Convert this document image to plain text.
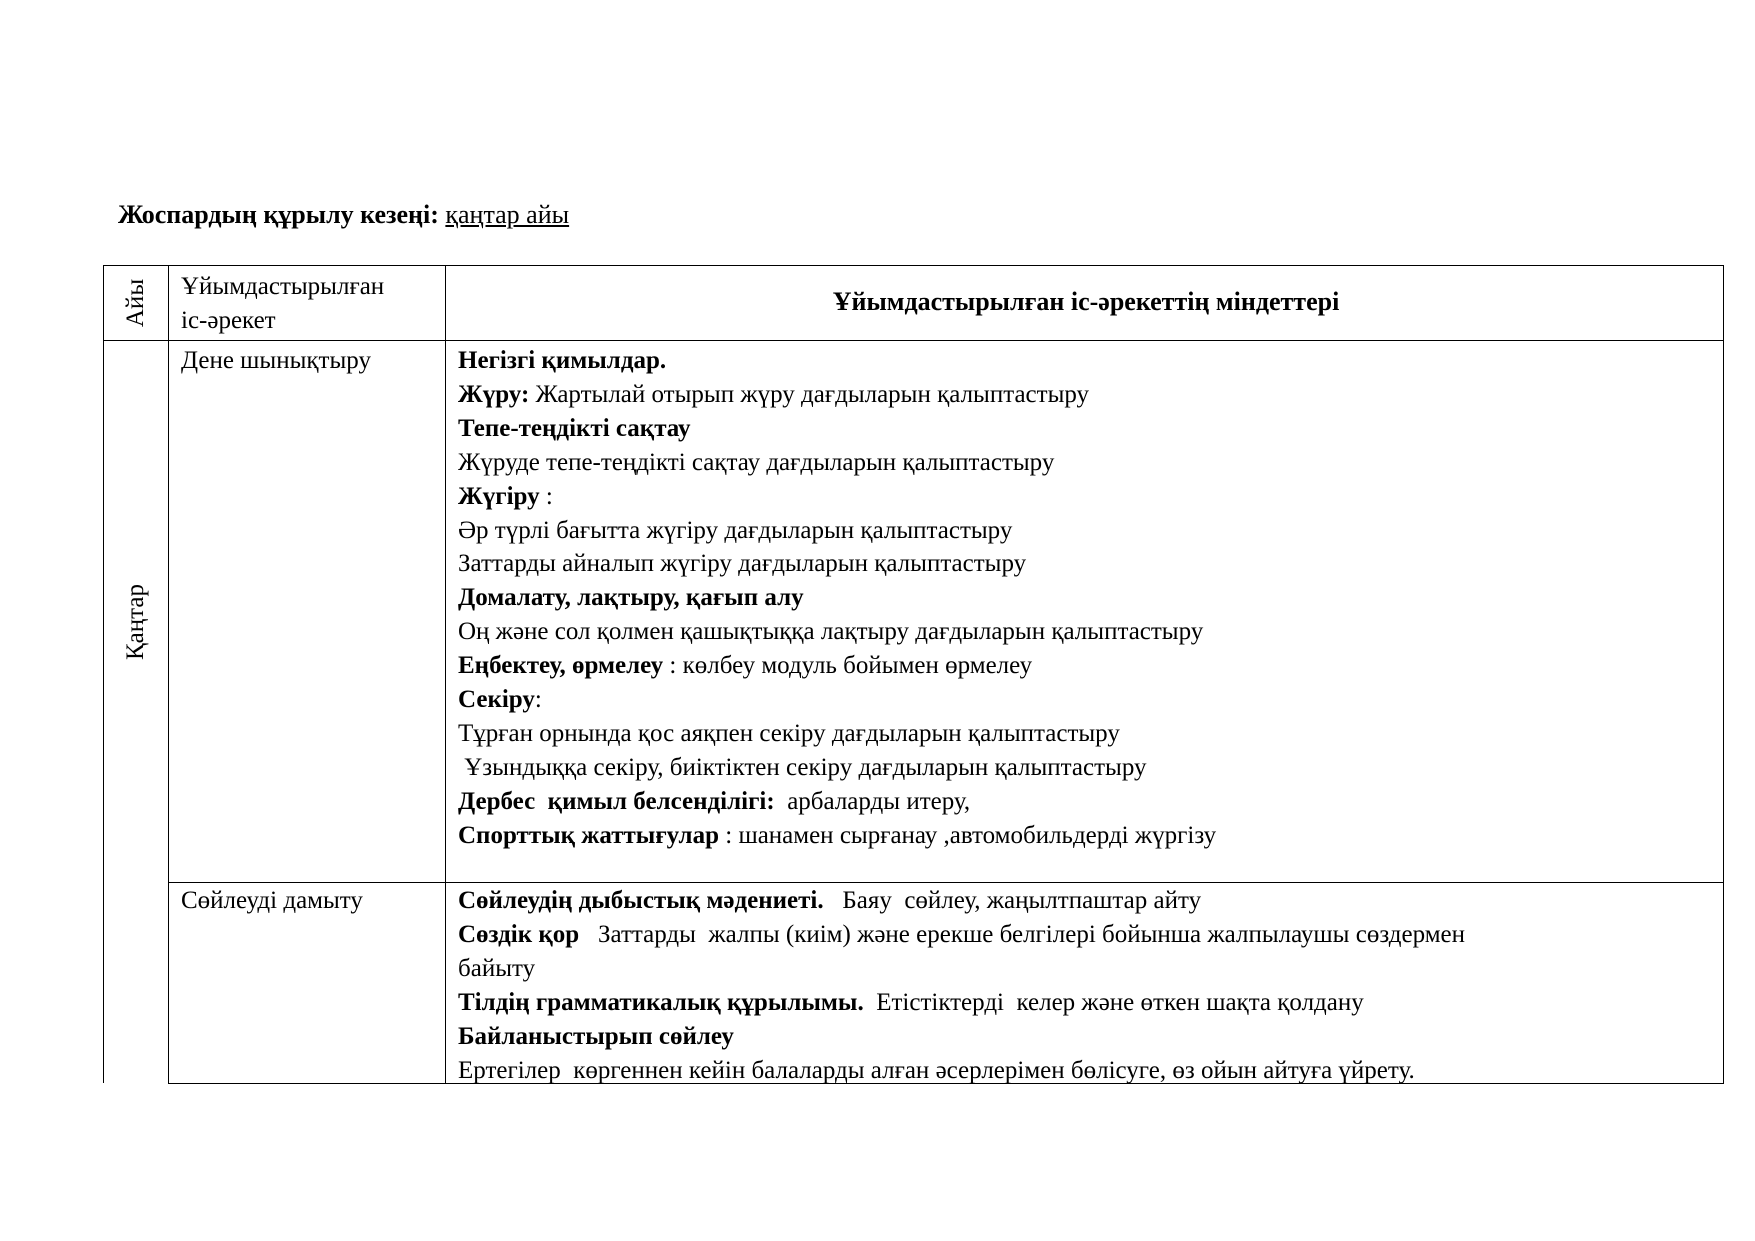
Жоспардың құрылу кезеңі: қаңтар айы
Айы Ұйымдастырылған
іс-әрекет
Ұйымдастырылған іс-әрекеттің міндеттері
Қаңтар
Дене шынықтыру	Негізгі қимылдар.
Жүру: Жартылай отырып жүру дағдыларын қалыптастыру
Тепе-теңдікті сақтау
Жүруде тепе-теңдікті сақтау дағдыларын қалыптастыру
Жүгіру :
Әр түрлі бағытта жүгіру дағдыларын қалыптастыру
Заттарды айналып жүгіру дағдыларын қалыптастыру
Домалату, лақтыру, қағып алу
Оң және сол қолмен қашықтыққа лақтыру дағдыларын қалыптастыру
Еңбектеу, өрмелеу : көлбеу модуль бойымен өрмелеу
Секіру:
Тұрған орнында қос аяқпен секіру дағдыларын қалыптастыру
Ұзындыққа секіру, биіктіктен секіру дағдыларын қалыптастыру
Дербес  қимыл белсенділігі:  арбаларды итеру,
Спорттық жаттығулар : шанамен сырғанау ,автомобильдерді жүргізу
Сөйлеуді дамыту	Сөйлеудің дыбыстық мәдениеті.   Баяу  сөйлеу, жаңылтпаштар айту
Сөздік қор   Заттарды  жалпы (киім) және ерекше белгілері бойынша жалпылаушы сөздермен
байыту
Тілдің грамматикалық құрылымы.  Етістіктерді  келер және өткен шақта қолдану
Байланыстырып сөйлеу
Ертегілер  көргеннен кейін балаларды алған әсерлерімен бөлісуге, өз ойын айтуға үйрету.
